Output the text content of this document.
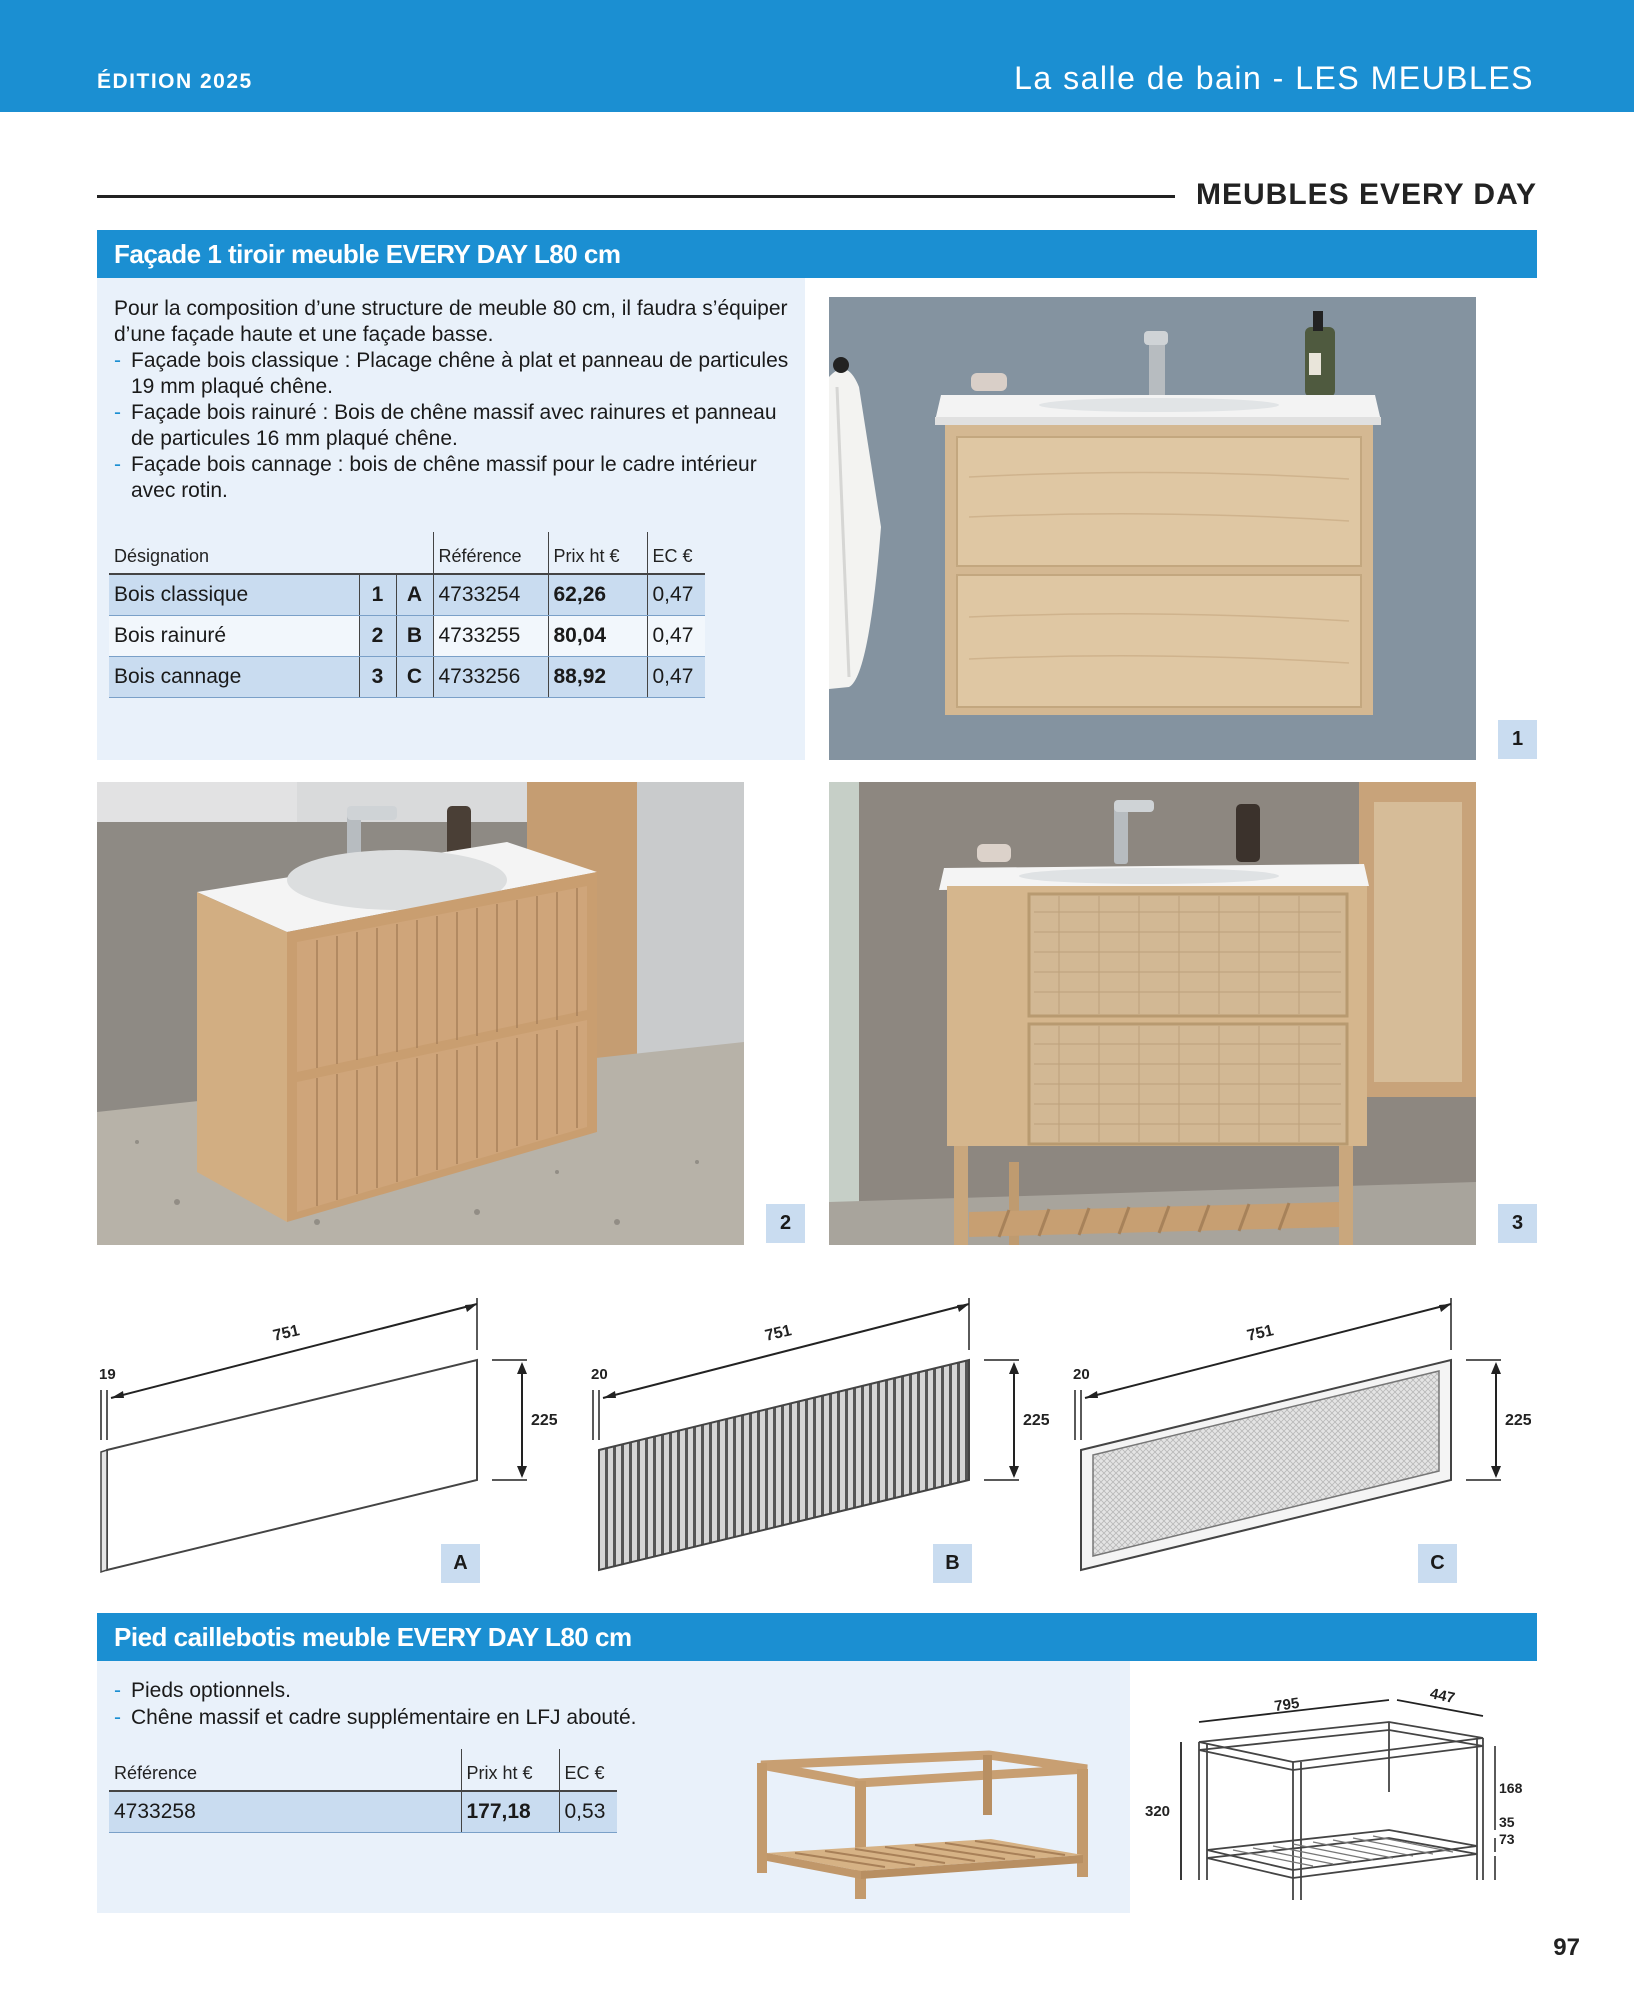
ÉDITION 2025	La salle de bain - LES MEUBLES
MEUBLES EVERY DAY
Façade 1 tiroir meuble EVERY DAY L80 cm

Pour la composition d’une structure de meuble 80 cm, il faudra s’équiper d’une façade haute et une façade basse.

- Façade bois classique : Placage chêne à plat et panneau de particules 19 mm plaqué chêne.
- Façade bois rainuré : Bois de chêne massif avec rainures et panneau de particules 16 mm plaqué chêne.
- Façade bois cannage : bois de chêne massif pour le cadre intérieur avec rotin.
Désignation			Référence	Prix ht €	EC €
Bois classique	1	A	4733254	62,26	0,47
Bois rainuré	2	B	4733255	80,04	0,47
Bois cannage	3	C	4733256	88,92	0,47
1
2	3
751
19
225
A
751
20
225
B
751
20
225
C
Pied caillebotis meuble EVERY DAY L80 cm
- Pieds optionnels.
- Chêne massif et cadre supplémentaire en LFJ abouté.
Référence	Prix ht €	EC €
4733258	177,18	0,53
795	447
320
168
35
73
97
